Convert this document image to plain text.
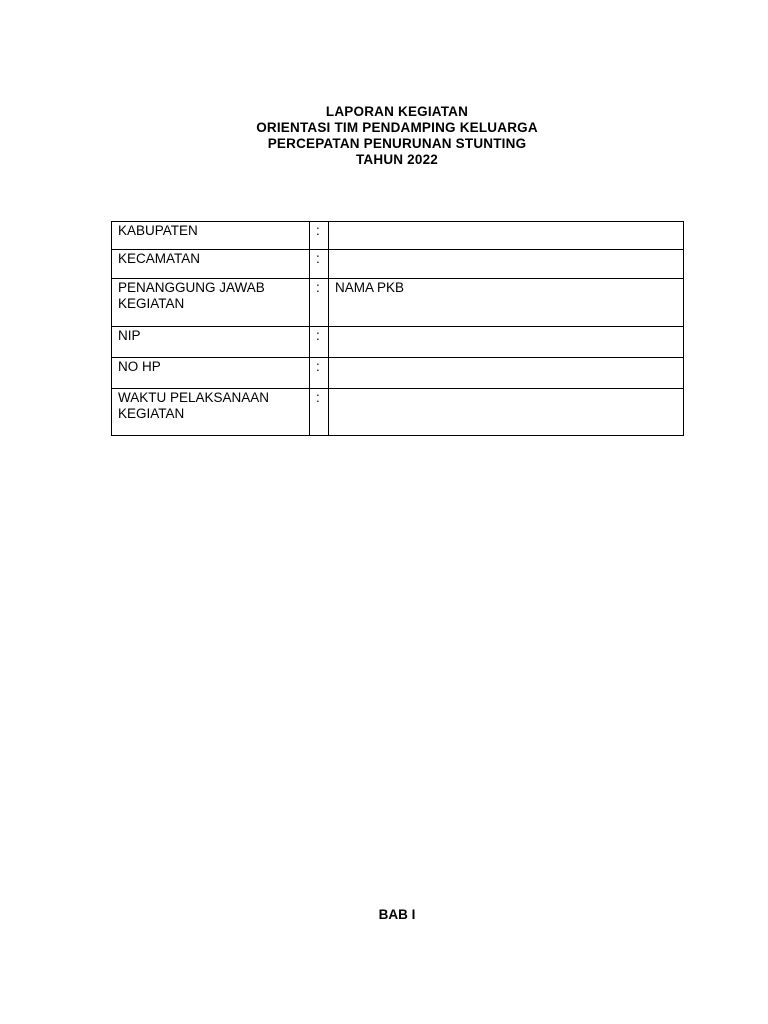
LAPORAN KEGIATAN
ORIENTASI TIM PENDAMPING KELUARGA
PERCEPATAN PENURUNAN STUNTING
TAHUN 2022
KABUPATEN	:	
KECAMATAN	:	
PENANGGUNG JAWAB KEGIATAN	:	NAMA PKB
NIP	:	
NO HP	:	
WAKTU PELAKSANAAN KEGIATAN	:	
BAB I
